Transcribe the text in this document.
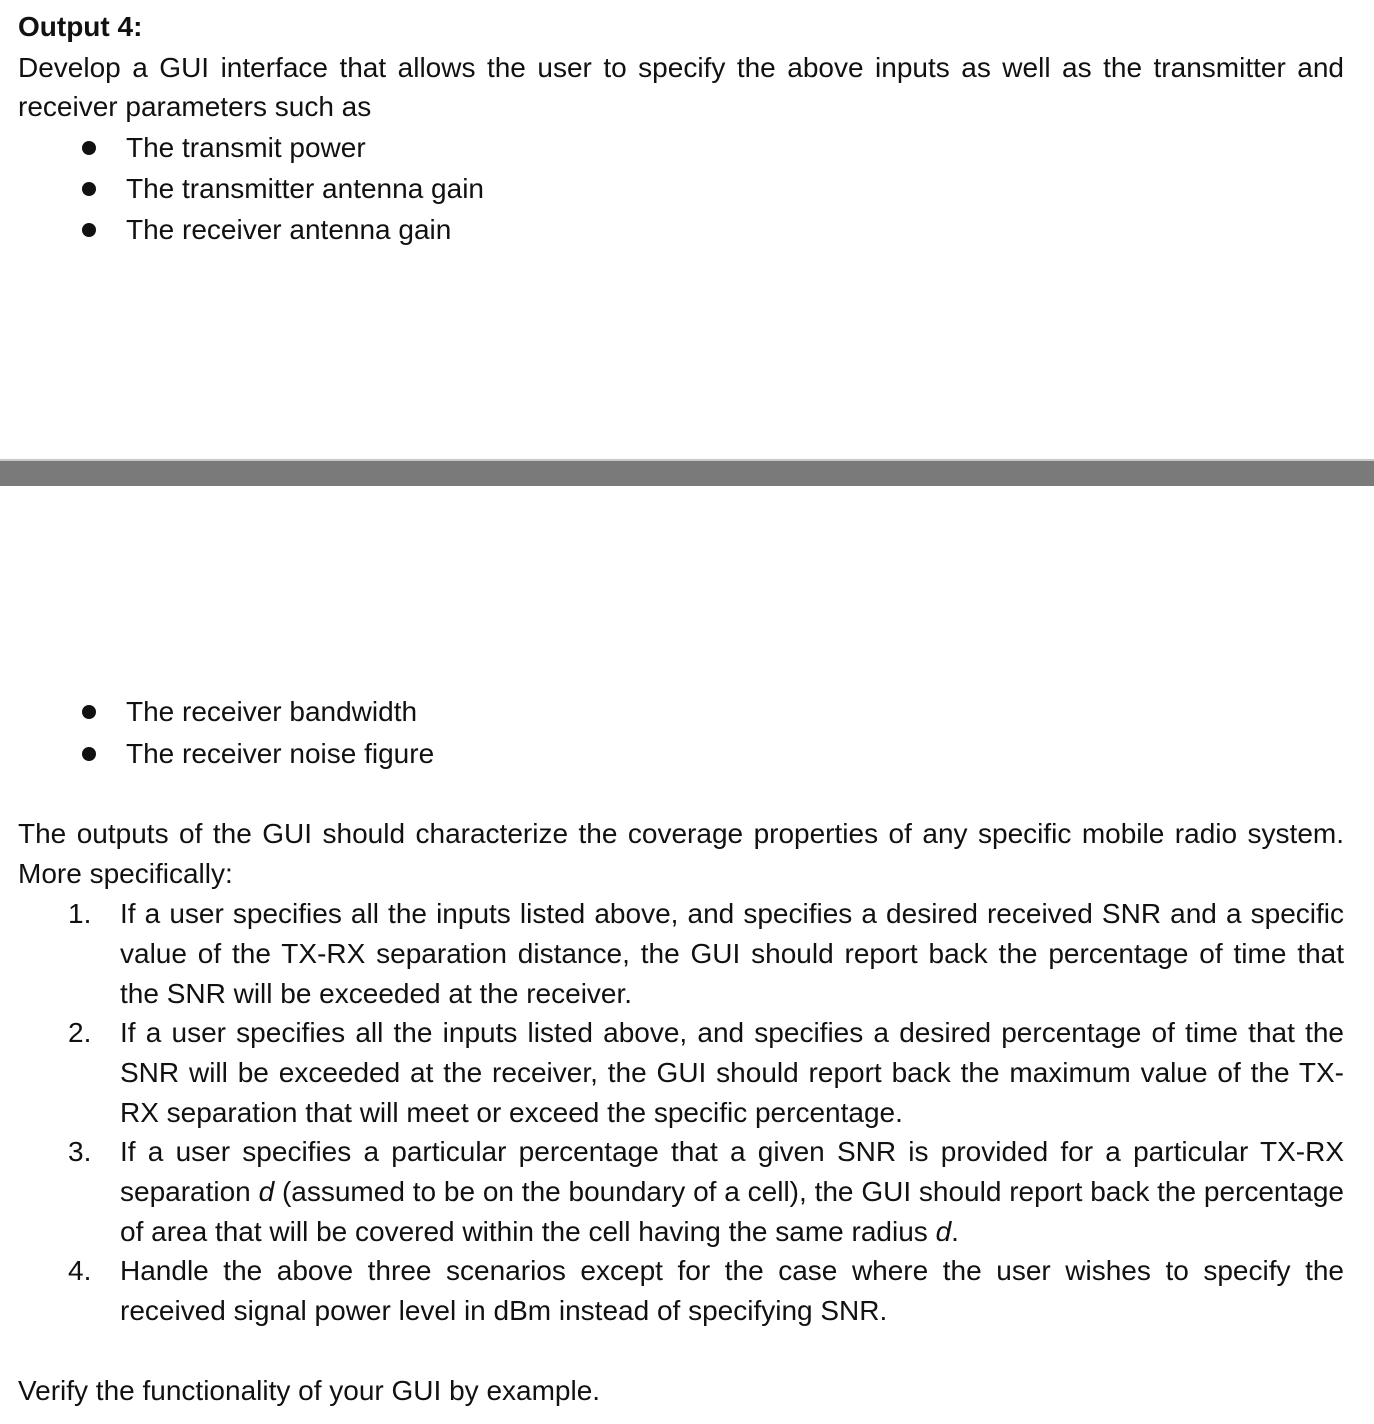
Output 4:
Develop a GUI interface that allows the user to specify the above inputs as well as the transmitter and receiver parameters such as
The transmit power
The transmitter antenna gain
The receiver antenna gain
The receiver bandwidth
The receiver noise figure
The outputs of the GUI should characterize the coverage properties of any specific mobile radio system. More specifically:
1. If a user specifies all the inputs listed above, and specifies a desired received SNR and a specific value of the TX-RX separation distance, the GUI should report back the percentage of time that the SNR will be exceeded at the receiver.
2. If a user specifies all the inputs listed above, and specifies a desired percentage of time that the SNR will be exceeded at the receiver, the GUI should report back the maximum value of the TX-RX separation that will meet or exceed the specific percentage.
3. If a user specifies a particular percentage that a given SNR is provided for a particular TX-RX separation d (assumed to be on the boundary of a cell), the GUI should report back the percentage of area that will be covered within the cell having the same radius d.
4. Handle the above three scenarios except for the case where the user wishes to specify the received signal power level in dBm instead of specifying SNR.
Verify the functionality of your GUI by example.
